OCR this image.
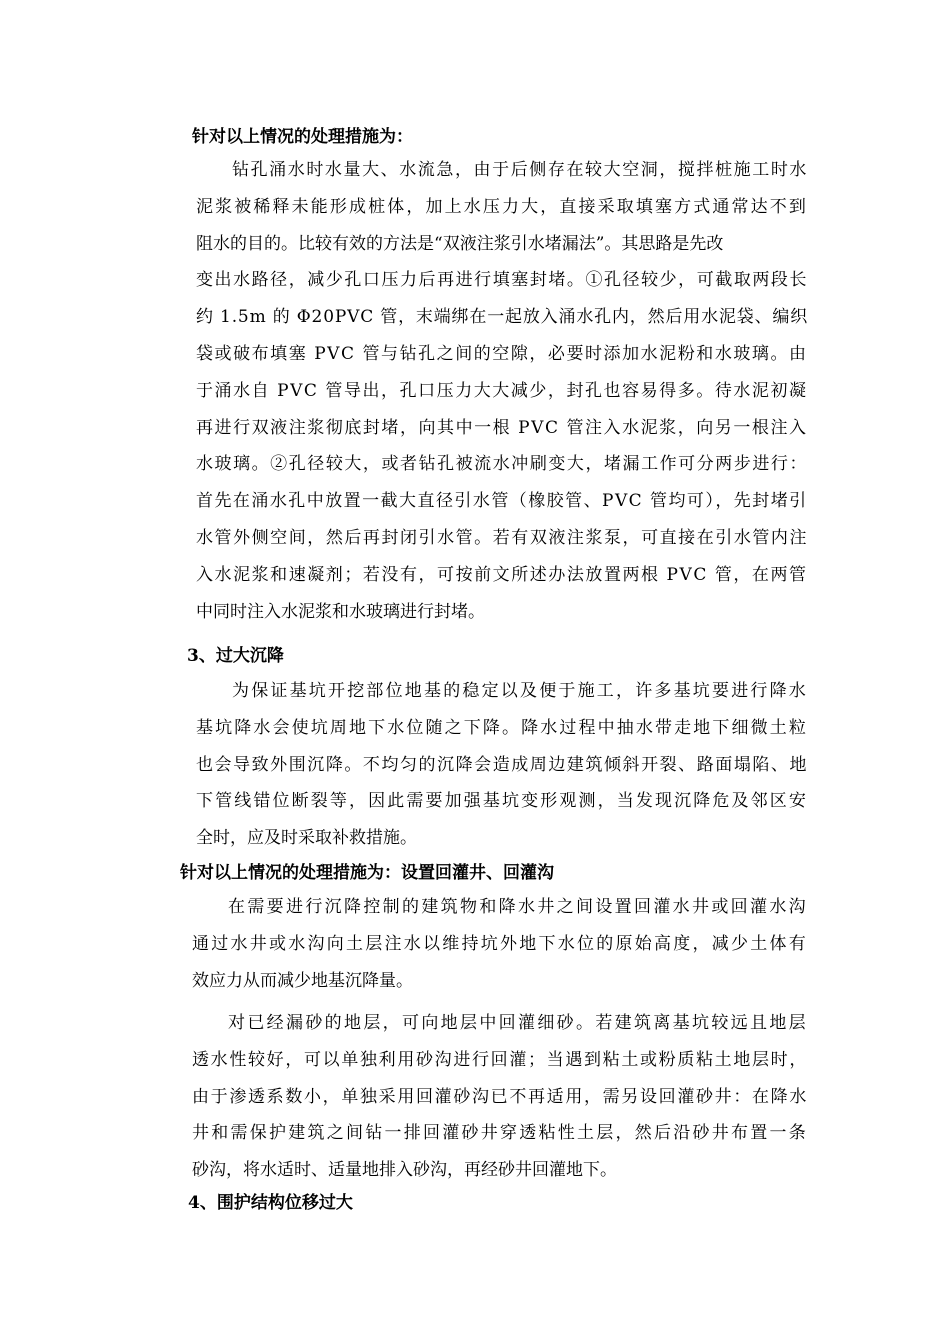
针对以上情况的处理措施为：
钻孔涌水时水量大、水流急，由于后侧存在较大空洞，搅拌桩施工时水
泥浆被稀释未能形成桩体，加上水压力大，直接采取填塞方式通常达不到
阻水的目的。比较有效的方法是“双液注浆引水堵漏法”。其思路是先改
变出水路径，减少孔口压力后再进行填塞封堵。①孔径较少，可截取两段长
约 1.5m 的 Φ20PVC 管，末端绑在一起放入涌水孔内，然后用水泥袋、编织
袋或破布填塞 PVC 管与钻孔之间的空隙，必要时添加水泥粉和水玻璃。由
于涌水自 PVC 管导出，孔口压力大大减少，封孔也容易得多。待水泥初凝
再进行双液注浆彻底封堵，向其中一根 PVC 管注入水泥浆，向另一根注入
水玻璃。②孔径较大，或者钻孔被流水冲刷变大，堵漏工作可分两步进行：
首先在涌水孔中放置一截大直径引水管（橡胶管、PVC 管均可），先封堵引
水管外侧空间，然后再封闭引水管。若有双液注浆泵，可直接在引水管内注
入水泥浆和速凝剂；若没有，可按前文所述办法放置两根 PVC 管，在两管
中同时注入水泥浆和水玻璃进行封堵。
3、过大沉降
为保证基坑开挖部位地基的稳定以及便于施工，许多基坑要进行降水
基坑降水会使坑周地下水位随之下降。降水过程中抽水带走地下细微土粒
也会导致外围沉降。不均匀的沉降会造成周边建筑倾斜开裂、路面塌陷、地
下管线错位断裂等，因此需要加强基坑变形观测，当发现沉降危及邻区安
全时，应及时采取补救措施。
针对以上情况的处理措施为：设置回灌井、回灌沟
在需要进行沉降控制的建筑物和降水井之间设置回灌水井或回灌水沟
通过水井或水沟向土层注水以维持坑外地下水位的原始高度，减少土体有
效应力从而减少地基沉降量。
对已经漏砂的地层，可向地层中回灌细砂。若建筑离基坑较远且地层
透水性较好，可以单独利用砂沟进行回灌；当遇到粘土或粉质粘土地层时，
由于渗透系数小，单独采用回灌砂沟已不再适用，需另设回灌砂井：在降水
井和需保护建筑之间钻一排回灌砂井穿透粘性土层，然后沿砂井布置一条
砂沟，将水适时、适量地排入砂沟，再经砂井回灌地下。
4、围护结构位移过大
